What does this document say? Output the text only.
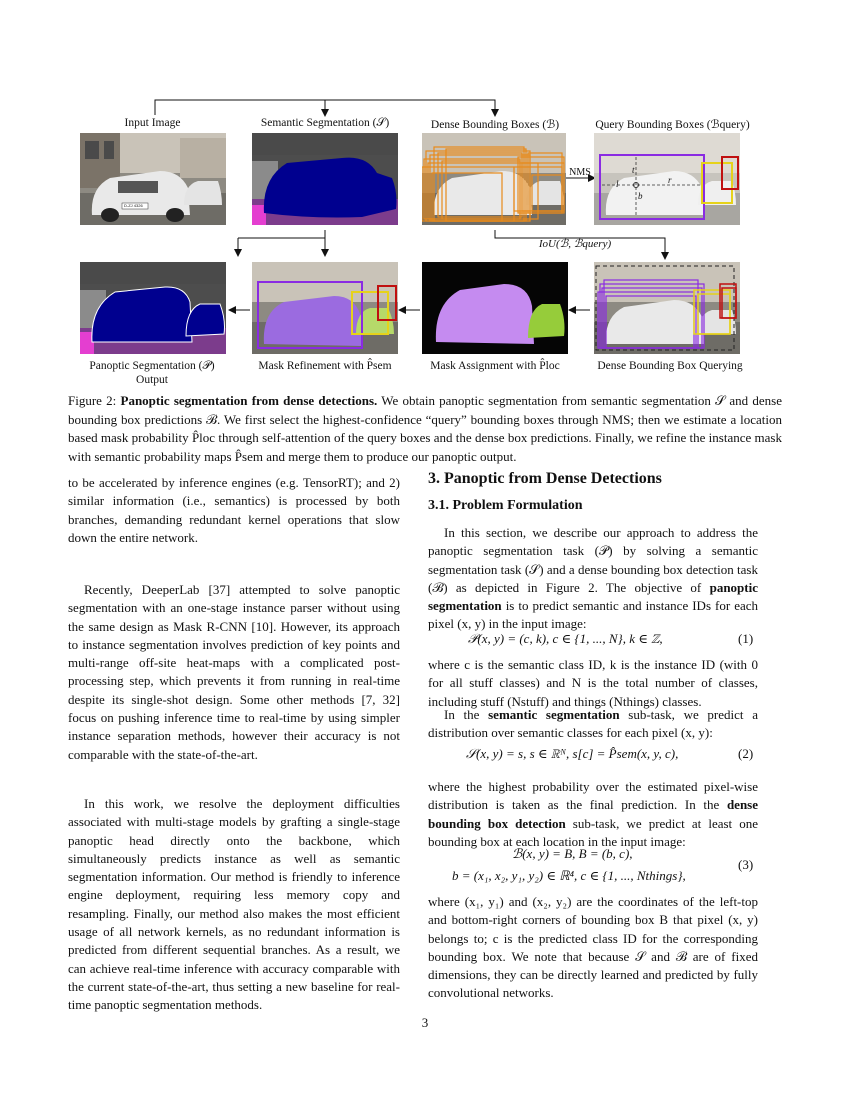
Input Image	Semantic Segmentation (𝒮)	Dense Bounding Boxes (ℬ)	Query Bounding Boxes (ℬquery)
D-ZJ 4326
NMS	t
b
l	r
IoU(ℬ, ℬquery)
Panoptic Segmentation (𝒫)
Output
Mask Refinement with P̂sem	Mask Assignment with P̂loc	Dense Bounding Box Querying
Figure 2: Panoptic segmentation from dense detections. We obtain panoptic segmentation from semantic segmentation 𝒮 and dense bounding box predictions ℬ. We first select the highest-confidence “query” bounding boxes through NMS; then we estimate a location based mask probability P̂loc through self-attention of the query boxes and the dense box predictions. Finally, we refine the instance mask with semantic probability maps P̂sem and merge them to produce our panoptic output.

to be accelerated by inference engines (e.g. TensorRT); and 2) similar information (i.e., semantics) is processed by both branches, demanding redundant kernel operations that slow down the entire network.

Recently, DeeperLab [37] attempted to solve panoptic segmentation with an one-stage instance parser without using the same design as Mask R-CNN [10]. However, its approach to instance segmentation involves prediction of key points and multi-range off-site heat-maps with a complicated post-processing step, which prevents it from running in real-time despite its single-shot design. Some other methods [7, 32] focus on pushing inference time to real-time by using simpler instance separation methods, however their accuracy is not comparable with the state-of-the-art.

In this work, we resolve the deployment difficulties associated with multi-stage models by grafting a single-stage panoptic head directly onto the backbone, which simultaneously predicts instance as well as semantic segmentation information. Our method is friendly to inference engine deployment, requiring less memory copy and resampling. Finally, our method also makes the most efficient usage of all network kernels, as no redundant information is predicted from different sequential branches. As a result, we can achieve real-time inference with accuracy comparable with the current state-of-the-art, thus setting a new baseline for real-time panoptic segmentation methods.

3. Panoptic from Dense Detections
3.1. Problem Formulation

In this section, we describe our approach to address the panoptic segmentation task (𝒫) by solving a semantic segmentation task (𝒮) and a dense bounding box detection task (ℬ) as depicted in Figure 2. The objective of panoptic segmentation is to predict semantic and instance IDs for each pixel (x, y) in the input image:

𝒫(x, y) = (c, k), c ∈ {1, ..., N}, k ∈ ℤ,	(1)

where c is the semantic class ID, k is the instance ID (with 0 for all stuff classes) and N is the total number of classes, including stuff (Nstuff) and things (Nthings) classes.

In the semantic segmentation sub-task, we predict a distribution over semantic classes for each pixel (x, y):

𝒮(x, y) = s, s ∈ ℝᴺ, s[c] = P̂sem(x, y, c),	(2)

where the highest probability over the estimated pixel-wise distribution is taken as the final prediction. In the dense bounding box detection sub-task, we predict at least one bounding box at each location in the input image:

ℬ(x, y) = B, B = (b, c),
b = (x₁, x₂, y₁, y₂) ∈ ℝ⁴, c ∈ {1, ..., Nthings},
(3)

where (x₁, y₁) and (x₂, y₂) are the coordinates of the left-top and bottom-right corners of bounding box B that pixel (x, y) belongs to; c is the predicted class ID for the corresponding bounding box. We note that because 𝒮 and ℬ are of fixed dimensions, they can be directly learned and predicted by fully convolutional networks.

3
